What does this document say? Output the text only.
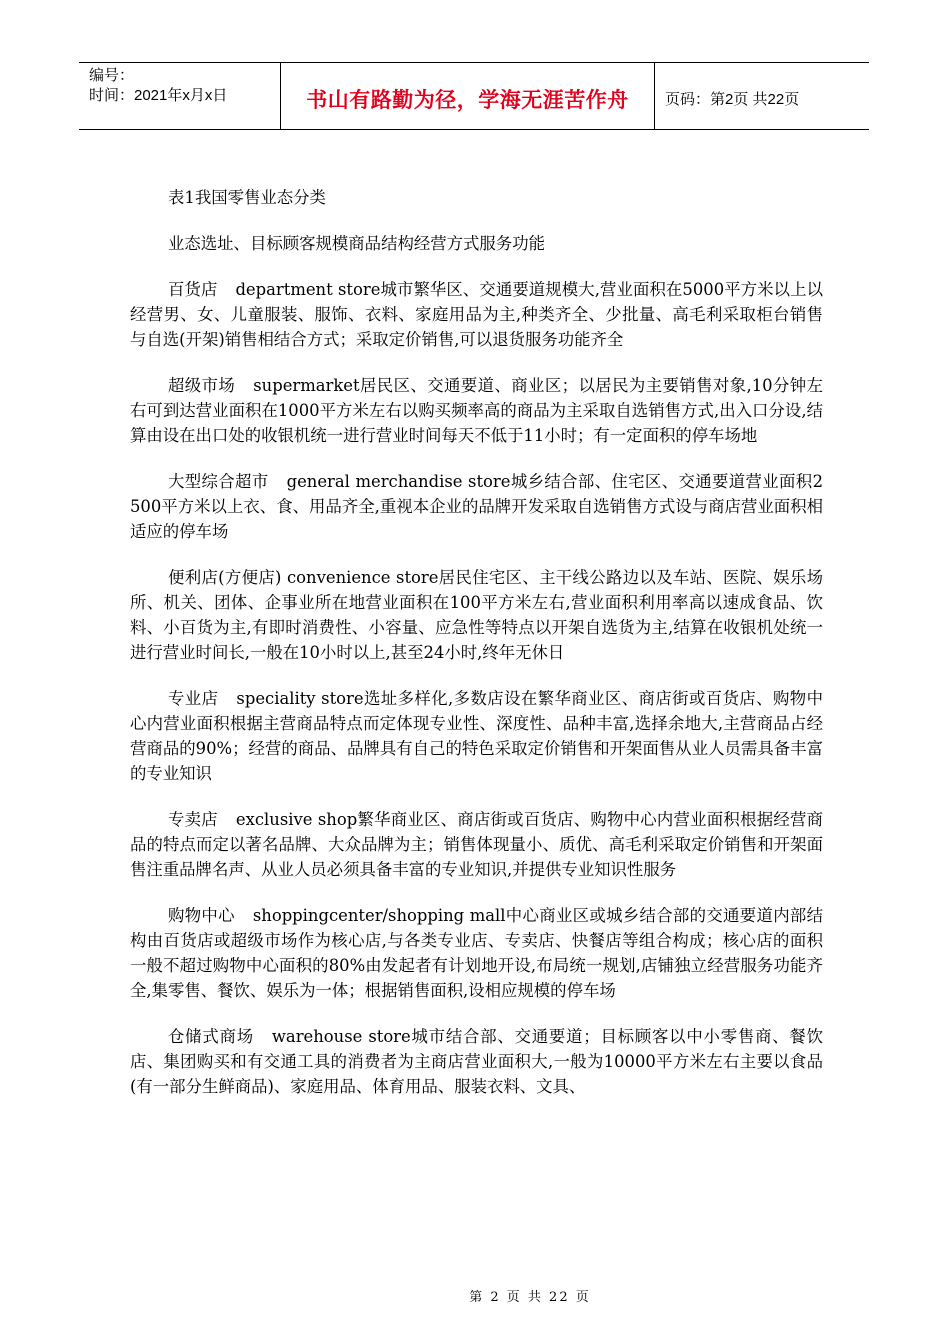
编号：
时间：2021年x月x日	书山有路勤为径，学海无涯苦作舟 页码：第2页 共22页

表1我国零售业态分类

业态选址、目标顾客规模商品结构经营方式服务功能

百货店 department store城市繁华区、交通要道规模大,营业面积在5000平方米以上以经营男、女、儿童服装、服饰、衣料、家庭用品为主,种类齐全、少批量、高毛利采取柜台销售与自选(开架)销售相结合方式；采取定价销售,可以退货服务功能齐全

超级市场 supermarket居民区、交通要道、商业区；以居民为主要销售对象,10分钟左右可到达营业面积在1000平方米左右以购买频率高的商品为主采取自选销售方式,出入口分设,结算由设在出口处的收银机统一进行营业时间每天不低于11小时；有一定面积的停车场地

大型综合超市 general merchandise store城乡结合部、住宅区、交通要道营业面积2500平方米以上衣、食、用品齐全,重视本企业的品牌开发采取自选销售方式设与商店营业面积相适应的停车场

便利店(方便店) convenience store居民住宅区、主干线公路边以及车站、医院、娱乐场所、机关、团体、企事业所在地营业面积在100平方米左右,营业面积利用率高以速成食品、饮料、小百货为主,有即时消费性、小容量、应急性等特点以开架自选货为主,结算在收银机处统一进行营业时间长,一般在10小时以上,甚至24小时,终年无休日

专业店 speciality store选址多样化,多数店设在繁华商业区、商店街或百货店、购物中心内营业面积根据主营商品特点而定体现专业性、深度性、品种丰富,选择余地大,主营商品占经营商品的90%；经营的商品、品牌具有自己的特色采取定价销售和开架面售从业人员需具备丰富的专业知识

专卖店 exclusive shop繁华商业区、商店街或百货店、购物中心内营业面积根据经营商品的特点而定以著名品牌、大众品牌为主；销售体现量小、质优、高毛利采取定价销售和开架面售注重品牌名声、从业人员必须具备丰富的专业知识,并提供专业知识性服务

购物中心 shoppingcenter/shopping mall中心商业区或城乡结合部的交通要道内部结构由百货店或超级市场作为核心店,与各类专业店、专卖店、快餐店等组合构成；核心店的面积一般不超过购物中心面积的80%由发起者有计划地开设,布局统一规划,店铺独立经营服务功能齐全,集零售、餐饮、娱乐为一体；根据销售面积,设相应规模的停车场

仓储式商场 warehouse store城市结合部、交通要道；目标顾客以中小零售商、餐饮店、集团购买和有交通工具的消费者为主商店营业面积大,一般为10000平方米左右主要以食品(有一部分生鲜商品)、家庭用品、体育用品、服装衣料、文具、

第 2 页 共 22 页
